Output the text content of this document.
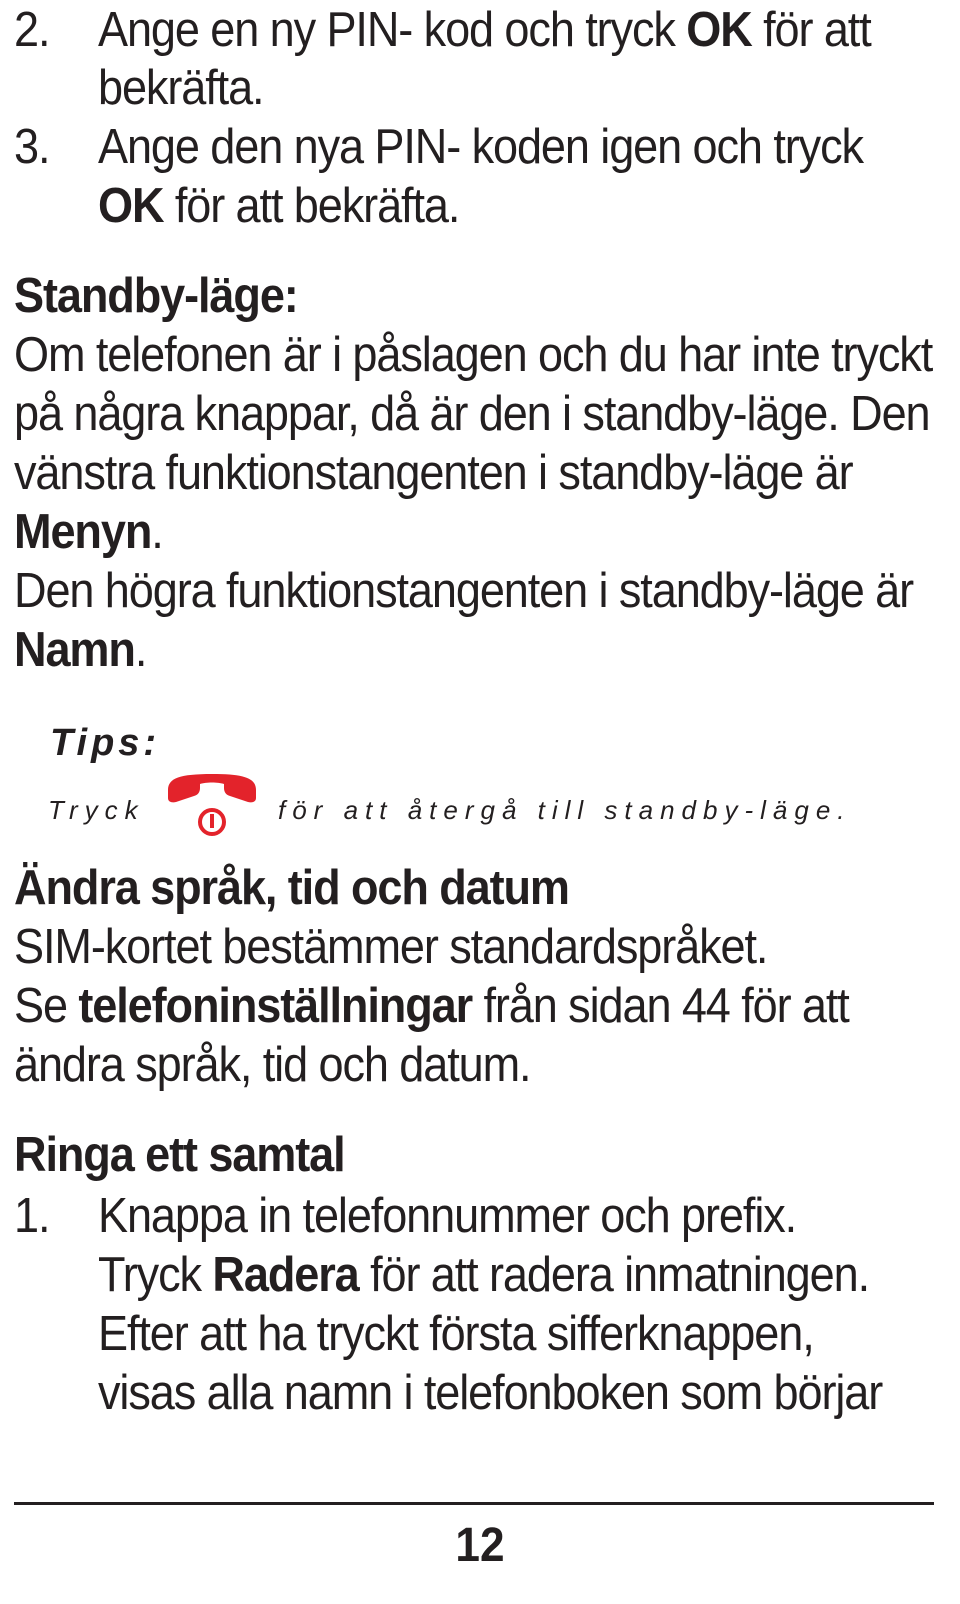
2. Ange en ny PIN- kod och tryck OK för att
bekräfta.
3. Ange den nya PIN- koden igen och tryck
OK för att bekräfta.
Standby-läge:
Om telefonen är i påslagen och du har inte tryckt
på några knappar, då är den i standby-läge. Den
vänstra funktionstangenten i standby-läge är
Menyn.
Den högra funktionstangenten i standby-läge är
Namn.
Tips:
Tryck	för att återgå till standby-läge.
Ändra språk, tid och datum
SIM-kortet bestämmer standardspråket.
Se telefoninställningar från sidan 44 för att
ändra språk, tid och datum.
Ringa ett samtal
1. Knappa in telefonnummer och prefix.
Tryck Radera för att radera inmatningen.
Efter att ha tryckt första sifferknappen,
visas alla namn i telefonboken som börjar
12
